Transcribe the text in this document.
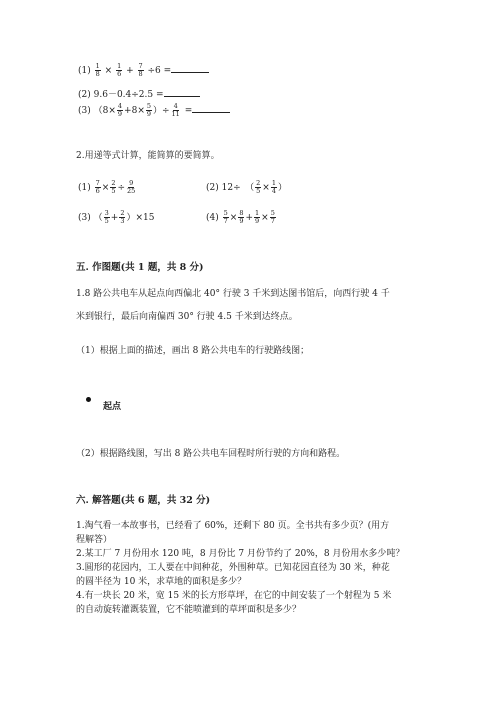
$(1) \frac{1}{8} \times \frac{1}{6} + \frac{7}{8} \div 6$ =
(2) 9.6－0.4÷2.5 =
(3) （$8\times \frac{4}{9} +8\times \frac{5}{9}$ ）÷ $\frac{4}{11}$ =
2.用递等式计算，能简算的要简算。
$(1) \frac{7}{6} \times \frac{2}{5} \div \frac{9}{25}$	(2) 12÷　（ $\frac{2}{5} \times \frac{1}{4}$ ）
(3) （ $\frac{3}{5} + \frac{2}{3} )\times 15$	$(4) \frac{5}{7} \times \frac{8}{9} + \frac{1}{9} \times \frac{5}{7}$
五. 作图题(共 1 题，共 8 分)
1.8 路公共电车从起点向西偏北 40° 行驶 3 千米到达图书馆后，向西行驶 4 千
米到银行，最后向南偏西 30° 行驶 4.5 千米到达终点。
（1）根据上面的描述，画出 8 路公共电车的行驶路线图；
起点
（2）根据路线图，写出 8 路公共电车回程时所行驶的方向和路程。
六. 解答题(共 6 题，共 32 分)
1.淘气看一本故事书，已经看了 60%，还剩下 80 页。全书共有多少页？(用方
程解答）
2.某工厂 7 月份用水 120 吨，8 月份比 7 月份节约了 20%，8 月份用水多少吨？
3.圆形的花园内，工人要在中间种花，外围种草。已知花园直径为 30 米，种花
的圆半径为 10 米，求草地的面积是多少？
4.有一块长 20 米，宽 15 米的长方形草坪，在它的中间安装了一个射程为 5 米
的自动旋转灌溉装置，它不能喷灌到的草坪面积是多少？
